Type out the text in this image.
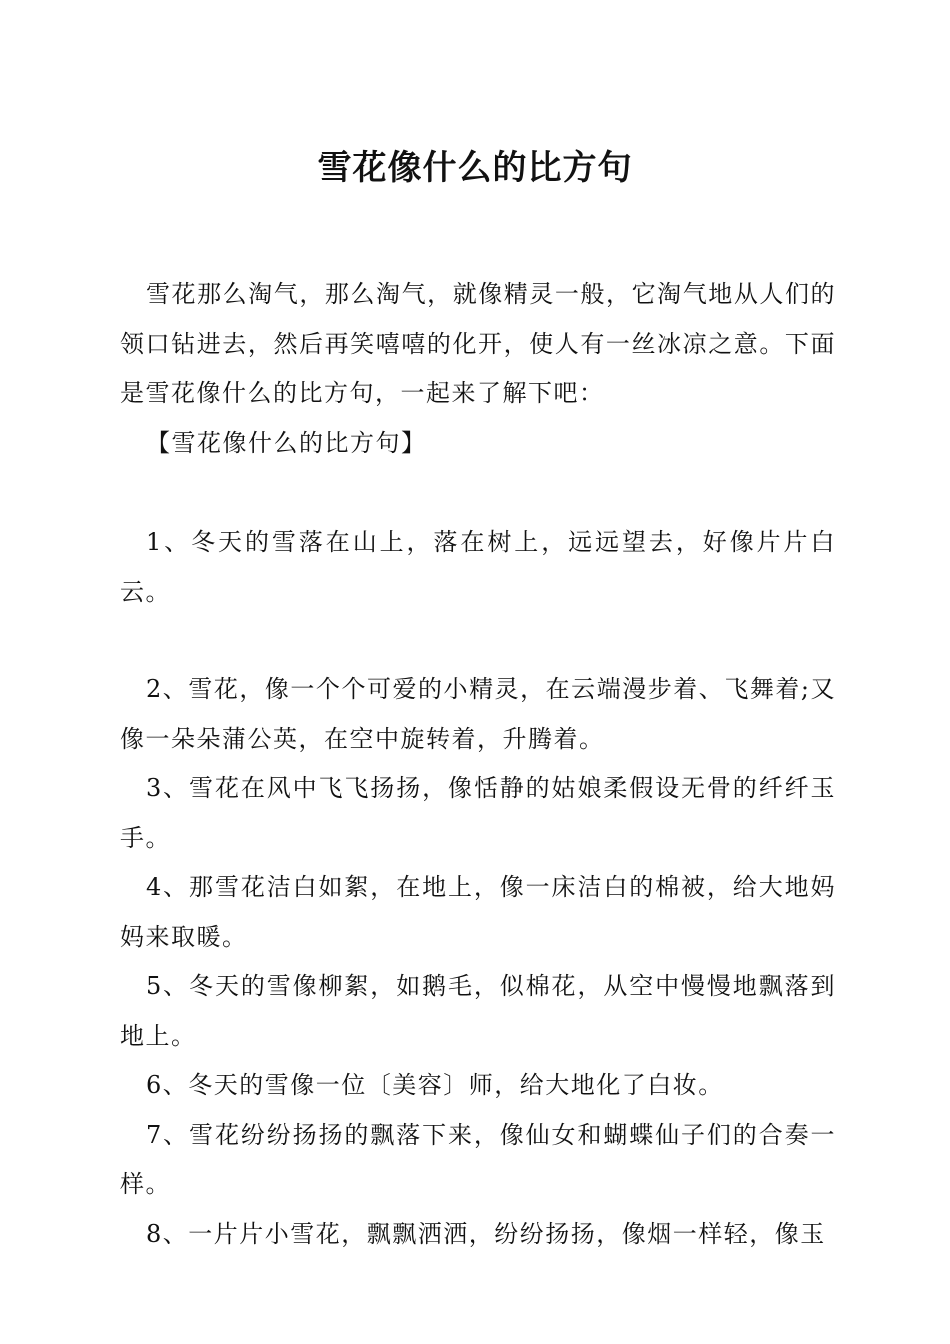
雪花像什么的比方句

雪花那么淘气，那么淘气，就像精灵一般，它淘气地从人们的领口钻进去，然后再笑嘻嘻的化开，使人有一丝冰凉之意。下面是雪花像什么的比方句，一起来了解下吧：

【雪花像什么的比方句】

1、冬天的雪落在山上，落在树上，远远望去，好像片片白云。

2、雪花，像一个个可爱的小精灵，在云端漫步着、飞舞着;又像一朵朵蒲公英，在空中旋转着，升腾着。

3、雪花在风中飞飞扬扬，像恬静的姑娘柔假设无骨的纤纤玉手。

4、那雪花洁白如絮，在地上，像一床洁白的棉被，给大地妈妈来取暖。

5、冬天的雪像柳絮，如鹅毛，似棉花，从空中慢慢地飘落到地上。

6、冬天的雪像一位〔美容〕师，给大地化了白妆。

7、雪花纷纷扬扬的飘落下来，像仙女和蝴蝶仙子们的合奏一样。

8、一片片小雪花，飘飘洒洒，纷纷扬扬，像烟一样轻，像玉
